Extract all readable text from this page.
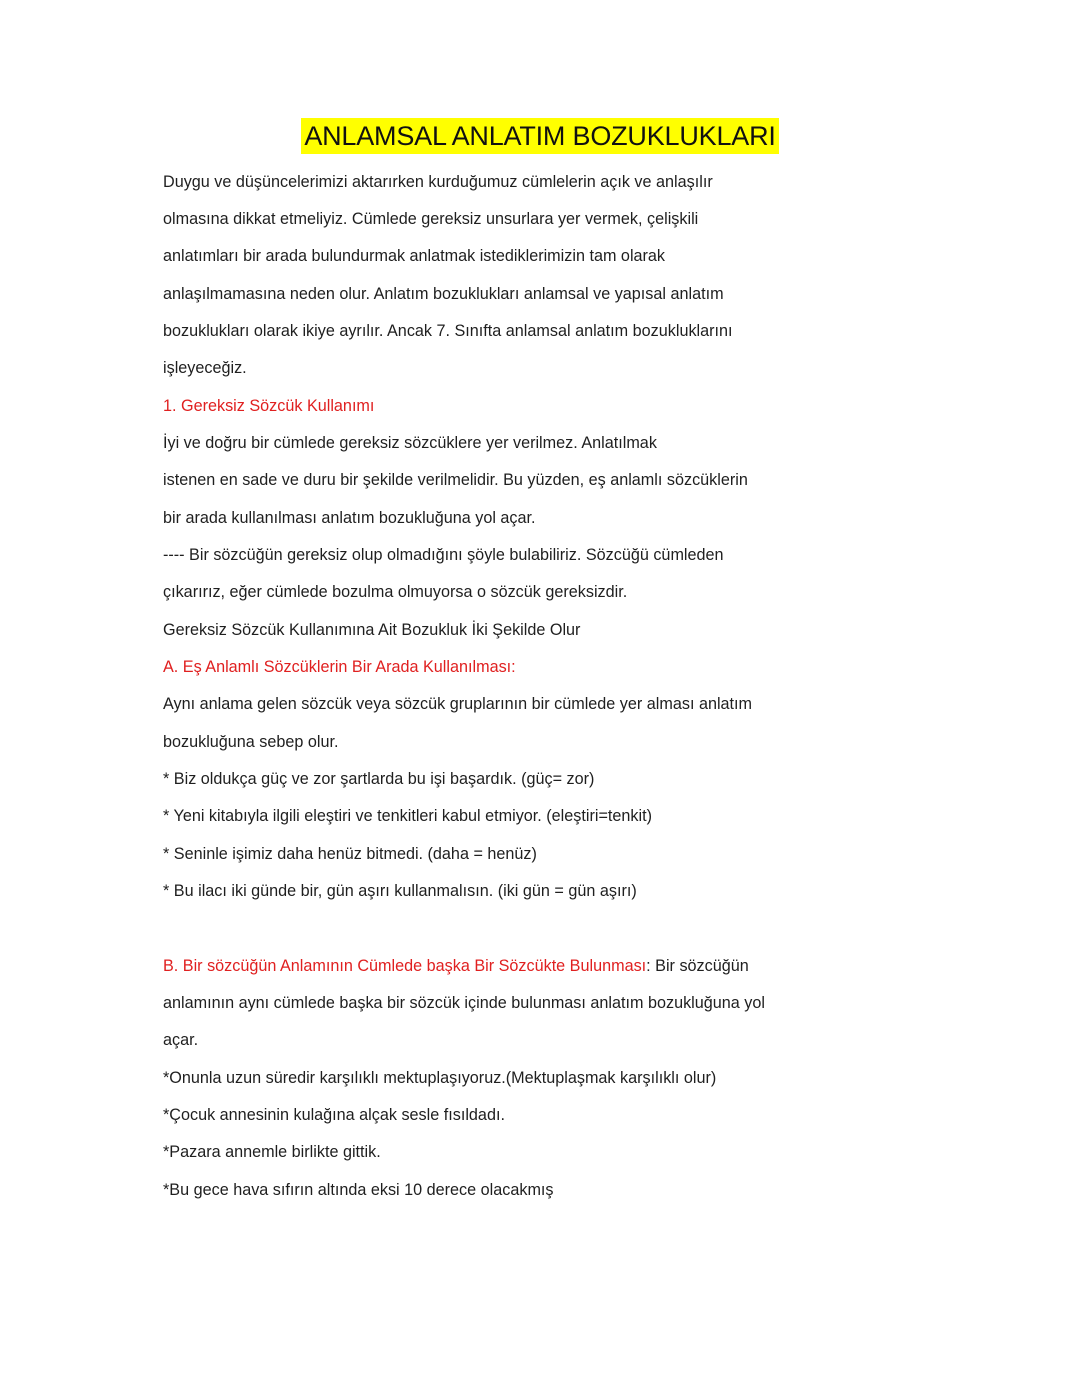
ANLAMSAL ANLATIM BOZUKLUKLARI
Duygu ve düşüncelerimizi aktarırken kurduğumuz cümlelerin açık ve anlaşılır
olmasına dikkat etmeliyiz. Cümlede gereksiz unsurlara yer vermek, çelişkili
anlatımları bir arada bulundurmak anlatmak istediklerimizin tam olarak
anlaşılmamasına neden olur. Anlatım bozuklukları anlamsal ve yapısal anlatım
bozuklukları olarak ikiye ayrılır. Ancak 7. Sınıfta anlamsal anlatım bozukluklarını
işleyeceğiz.
1. Gereksiz Sözcük Kullanımı
İyi ve doğru bir cümlede gereksiz sözcüklere yer verilmez. Anlatılmak
istenen en sade ve duru bir şekilde verilmelidir. Bu yüzden, eş anlamlı sözcüklerin
bir arada kullanılması anlatım bozukluğuna yol açar.
---- Bir sözcüğün gereksiz olup olmadığını şöyle bulabiliriz. Sözcüğü cümleden
çıkarırız, eğer cümlede bozulma olmuyorsa o sözcük gereksizdir.
Gereksiz Sözcük Kullanımına Ait Bozukluk İki Şekilde Olur
A. Eş Anlamlı Sözcüklerin Bir Arada Kullanılması:
Aynı anlama gelen sözcük veya sözcük gruplarının bir cümlede yer alması anlatım
bozukluğuna sebep olur.
* Biz oldukça güç ve zor şartlarda bu işi başardık. (güç= zor)
* Yeni kitabıyla ilgili eleştiri ve tenkitleri kabul etmiyor. (eleştiri=tenkit)
* Seninle işimiz daha henüz bitmedi. (daha = henüz)
* Bu ilacı iki günde bir, gün aşırı kullanmalısın. (iki gün = gün aşırı)
B. Bir sözcüğün Anlamının Cümlede başka Bir Sözcükte Bulunması: Bir sözcüğün
anlamının aynı cümlede başka bir sözcük içinde bulunması anlatım bozukluğuna yol
açar.
*Onunla uzun süredir karşılıklı mektuplaşıyoruz.(Mektuplaşmak karşılıklı olur)
*Çocuk annesinin kulağına alçak sesle fısıldadı.
*Pazara annemle birlikte gittik.
*Bu gece hava sıfırın altında eksi 10 derece olacakmış
